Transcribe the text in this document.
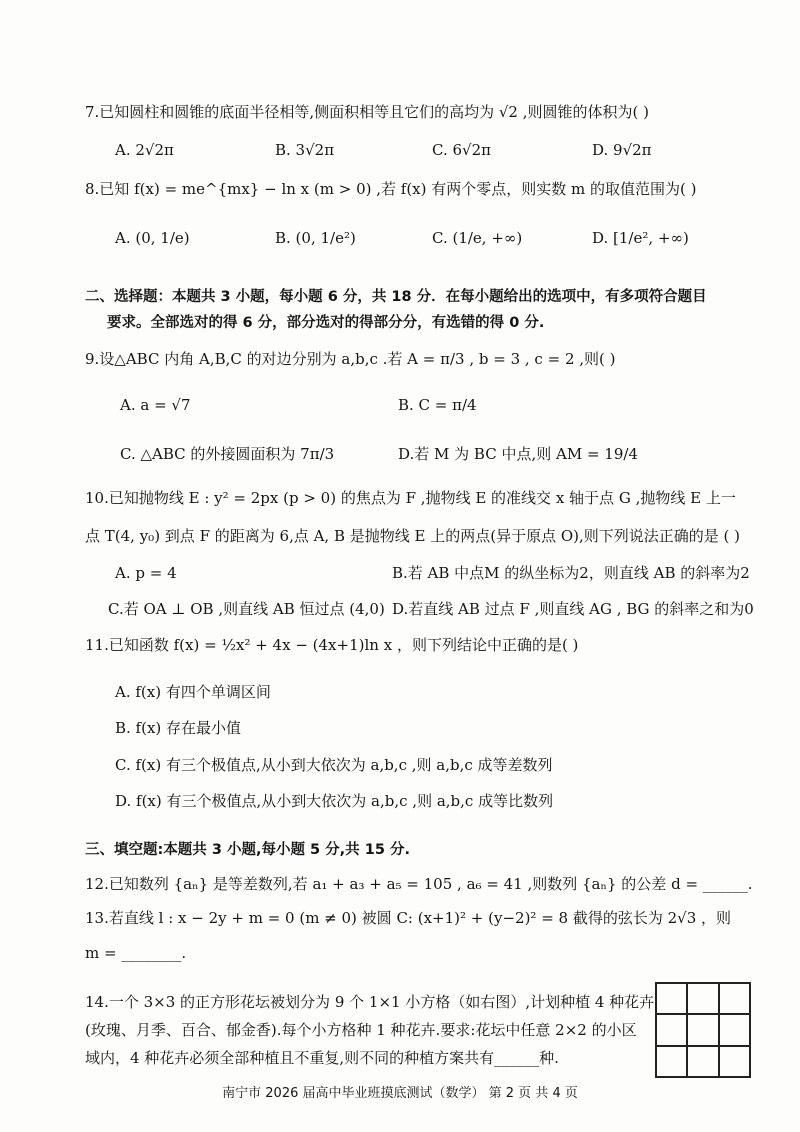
7.已知圆柱和圆锥的底面半径相等,侧面积相等且它们的高均为 √2 ,则圆锥的体积为( )
A. 2√2π	B. 3√2π	C. 6√2π	D. 9√2π
8.已知 f(x) = me^{mx} − ln x (m > 0) ,若 f(x) 有两个零点，则实数 m 的取值范围为( )
A. (0, 1/e)	B. (0, 1/e²)	C. (1/e, +∞)	D. [1/e², +∞)
二、选择题：本题共 3 小题，每小题 6 分，共 18 分．在每小题给出的选项中，有多项符合题目
要求。全部选对的得 6 分，部分选对的得部分分，有选错的得 0 分.
9.设△ABC 内角 A,B,C 的对边分别为 a,b,c .若 A = π/3 , b = 3 , c = 2 ,则( )
A. a = √7	B. C = π/4
C. △ABC 的外接圆面积为 7π/3	D.若 M 为 BC 中点,则 AM = 19/4
10.已知抛物线 E : y² = 2px (p > 0) 的焦点为 F ,抛物线 E 的准线交 x 轴于点 G ,抛物线 E 上一
点 T(4, y₀) 到点 F 的距离为 6,点 A, B 是抛物线 E 上的两点(异于原点 O),则下列说法正确的是 ( )
A. p = 4	B.若 AB 中点M 的纵坐标为2，则直线 AB 的斜率为2
C.若 OA ⊥ OB ,则直线 AB 恒过点 (4,0) D.若直线 AB 过点 F ,则直线 AG , BG 的斜率之和为0
11.已知函数 f(x) = ½x² + 4x − (4x+1)ln x ，则下列结论中正确的是( )
A. f(x) 有四个单调区间
B. f(x) 存在最小值
C. f(x) 有三个极值点,从小到大依次为 a,b,c ,则 a,b,c 成等差数列
D. f(x) 有三个极值点,从小到大依次为 a,b,c ,则 a,b,c 成等比数列
三、填空题:本题共 3 小题,每小题 5 分,共 15 分.
12.已知数列 {aₙ} 是等差数列,若 a₁ + a₃ + a₅ = 105 , a₆ = 41 ,则数列 {aₙ} 的公差 d = ______.
13.若直线 l : x − 2y + m = 0 (m ≠ 0) 被圆 C: (x+1)² + (y−2)² = 8 截得的弦长为 2√3 ，则
m = ________.
14.一个 3×3 的正方形花坛被划分为 9 个 1×1 小方格（如右图）,计划种植 4 种花卉
(玫瑰、月季、百合、郁金香).每个小方格种 1 种花卉.要求:花坛中任意 2×2 的小区
域内，4 种花卉必须全部种植且不重复,则不同的种植方案共有______种.
南宁市 2026 届高中毕业班摸底测试（数学） 第 2 页 共 4 页
